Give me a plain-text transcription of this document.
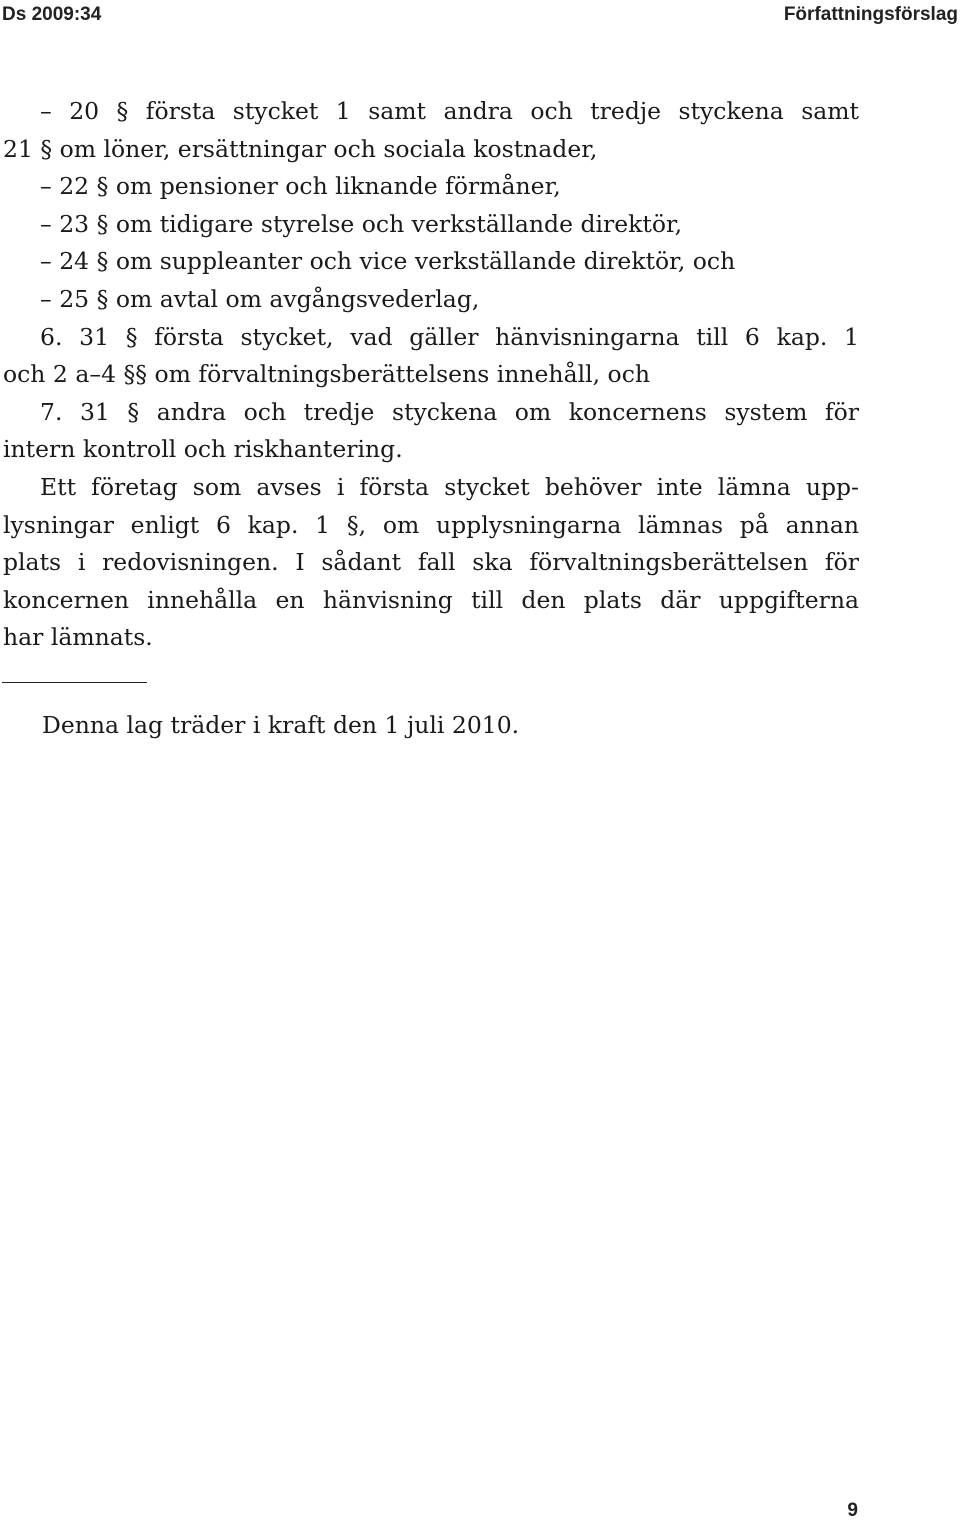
Ds 2009:34	Författningsförslag
– 20 § första stycket 1 samt andra och tredje styckena samt
21 § om löner, ersättningar och sociala kostnader,
– 22 § om pensioner och liknande förmåner,
– 23 § om tidigare styrelse och verkställande direktör,
– 24 § om suppleanter och vice verkställande direktör, och
– 25 § om avtal om avgångsvederlag,
6. 31 § första stycket, vad gäller hänvisningarna till 6 kap. 1
och 2 a–4 §§ om förvaltningsberättelsens innehåll, och
7. 31 § andra och tredje styckena om koncernens system för
intern kontroll och riskhantering.
Ett företag som avses i första stycket behöver inte lämna upp-
lysningar enligt 6 kap. 1 §, om upplysningarna lämnas på annan
plats i redovisningen. I sådant fall ska förvaltningsberättelsen för
koncernen innehålla en hänvisning till den plats där uppgifterna
har lämnats.
Denna lag träder i kraft den 1 juli 2010.
9
